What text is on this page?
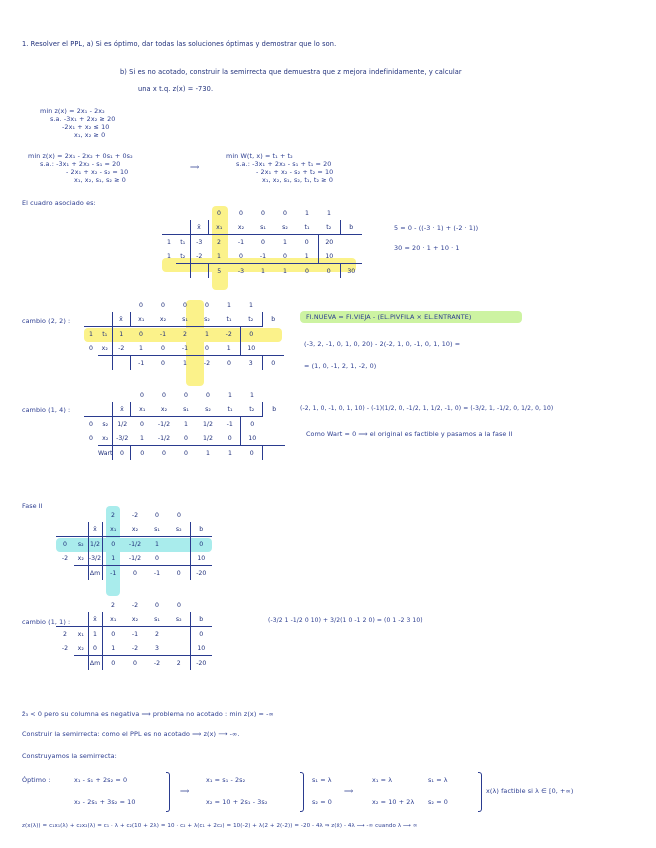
1. Resolver el PPL, a) Si es óptimo, dar todas las soluciones óptimas y demostrar que lo son.
b) Si es no acotado, construir la semirrecta que demuestra que z mejora indefinidamente, y calcular
una x t.q. z(x) = -730.
min z(x) = 2x₁ - 2x₂
s.a. -3x₁ + 2x₂ ≥ 20
-2x₁ + x₂ ≤ 10
x₁, x₂ ≥ 0
min z(x) = 2x₁ - 2x₂ + 0s₁ + 0s₂
s.a.: -3x₁ + 2x₂ - s₁ = 20
- 2x₁ + x₂ - s₂ = 10
x₁, x₂, s₁, s₂ ≥ 0
⟹
min W(t, x) = t₁ + t₂
s.a.: -3x₁ + 2x₂ - s₁ + t₁ = 20
- 2x₁ + x₂ - s₂ + t₂ = 10
x₁, x₂, s₁, s₂, t₁, t₂ ≥ 0
El cuadro asociado es:
			0	0	0	0	1	1	
		x̄	x₁	x₂	s₁	s₂	t₁	t₂	b
1	t₁	-3	2	-1	0	1	0	20	
1	t₂	-2	1	0	-1	0	1	10	
			5	-3	1	1	0	0	30
5 = 0 - ((-3 · 1) + (-2 · 1))
30 = 20 · 1 + 10 · 1
cambio (2, 2) :
			0	0	0	0	1	1	
		x̄	x₁	x₂	s₁	s₂	t₁	t₂	b
1	t₁	1	0	-1	2	1	-2	0	
0	x₂	-2	1	0	-1	0	1	10	
			-1	0	1	-2	0	3	0
FI.NUEVA = FI.VIEJA - (EL.PIVFILA × EL.ENTRANTE)
(-3, 2, -1, 0, 1, 0, 20) - 2(-2, 1, 0, -1, 0, 1, 10) =
= (1, 0, -1, 2, 1, -2, 0)
cambio (1, 4) :
			0	0	0	0	1	1	
		x̄	x₁	x₂	s₁	s₂	t₁	t₂	b
0	s₂	1/2	0	-1/2	1	1/2	-1	0	
0	x₂	-3/2	1	-1/2	0	1/2	0	10	
	Wart	0	0	0	0	1	1	0	
(-2, 1, 0, -1, 0, 1, 10) - (-1)(1/2, 0, -1/2, 1, 1/2, -1, 0) = (-3/2, 1, -1/2, 0, 1/2, 0, 10)
Como Wart = 0 ⟹ el original es factible y pasamos a la fase II
Fase II
			2	-2	0	0	
		x̄	x₁	x₂	s₁	s₂	b
0	s₂	1/2	0	-1/2	1		0
-2	x₂	-3/2	1	-1/2	0		10
		Δm	-1	0	-1	0	-20
cambio (1, 1) :
			2	-2	0	0	
		x̄	x₁	x₂	s₁	s₂	b
2	x₁	1	0	-1	2		0
-2	x₂	0	1	-2	3		10
		Δm	0	0	-2	2	-20
(-3/2 1 -1/2 0 10) + 3/2(1 0 -1 2 0) = (0 1 -2 3 10)
z̄₃ < 0 pero su columna es negativa ⟹ problema no acotado : min z(x) = -∞
Construir la semirrecta: como el PPL es no acotado ⟹ z(x) ⟶ -∞.
Construyamos la semirrecta:
Óptimo :	x₁ - s₁ + 2s₂ = 0
x₂ - 2s₁ + 3s₂ = 10
⟹
x₁ = s₁ - 2s₂
x₂ = 10 + 2s₁ - 3s₂
s₁ = λ
s₂ = 0
⟹
x₁ = λ
x₂ = 10 + 2λ
s₁ = λ
s₂ = 0
x(λ) factible si λ ∈ [0, +∞)
z(x(λ)) = c₁x₁(λ) + c₂x₂(λ) = c₁ · λ + c₂(10 + 2λ) = 10 · c₂ + λ(c₁ + 2c₂) = 10(-2) + λ(2 + 2(-2)) = -20 - 4λ ⇒ z(x̄) - 4λ ⟶ -∞ cuando λ ⟶ ∞
